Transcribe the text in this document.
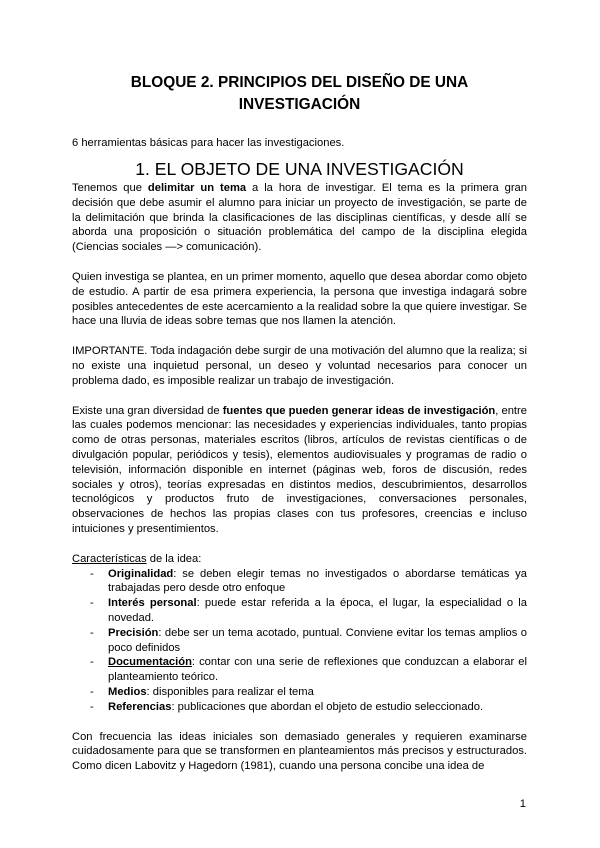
BLOQUE 2. PRINCIPIOS DEL DISEÑO DE UNA
INVESTIGACIÓN
6 herramientas básicas para hacer las investigaciones.
1. EL OBJETO DE UNA INVESTIGACIÓN

Tenemos que delimitar un tema a la hora de investigar. El tema es la primera gran decisión que debe asumir el alumno para iniciar un proyecto de investigación, se parte de la delimitación que brinda la clasificaciones de las disciplinas científicas, y desde allí se aborda una proposición o situación problemática del campo de la disciplina elegida (Ciencias sociales —> comunicación).

Quien investiga se plantea, en un primer momento, aquello que desea abordar como objeto de estudio. A partir de esa primera experiencia, la persona que investiga indagará sobre posibles antecedentes de este acercamiento a la realidad sobre la que quiere investigar. Se hace una lluvia de ideas sobre temas que nos llamen la atención.

IMPORTANTE. Toda indagación debe surgir de una motivación del alumno que la realiza; si no existe una inquietud personal, un deseo y voluntad necesarios para conocer un problema dado, es imposible realizar un trabajo de investigación.

Existe una gran diversidad de fuentes que pueden generar ideas de investigación, entre las cuales podemos mencionar: las necesidades y experiencias individuales, tanto propias como de otras personas, materiales escritos (libros, artículos de revistas científicas o de divulgación popular, periódicos y tesis), elementos audiovisuales y programas de radio o televisión, información disponible en internet (páginas web, foros de discusión, redes sociales y otros), teorías expresadas en distintos medios, descubrimientos, desarrollos tecnológicos y productos fruto de investigaciones, conversaciones personales, observaciones de hechos las propias clases con tus profesores, creencias e incluso intuiciones y presentimientos.

Características de la idea:
- Originalidad: se deben elegir temas no investigados o abordarse temáticas ya trabajadas pero desde otro enfoque
- Interés personal: puede estar referida a la época, el lugar, la especialidad o la novedad.
- Precisión: debe ser un tema acotado, puntual. Conviene evitar los temas amplios o poco definidos
- Documentación: contar con una serie de reflexiones que conduzcan a elaborar el planteamiento teórico.
- Medios: disponibles para realizar el tema
- Referencias: publicaciones que abordan el objeto de estudio seleccionado.

Con frecuencia las ideas iniciales son demasiado generales y requieren examinarse cuidadosamente para que se transformen en planteamientos más precisos y estructurados. Como dicen Labovitz y Hagedorn (1981), cuando una persona concibe una idea de

1
